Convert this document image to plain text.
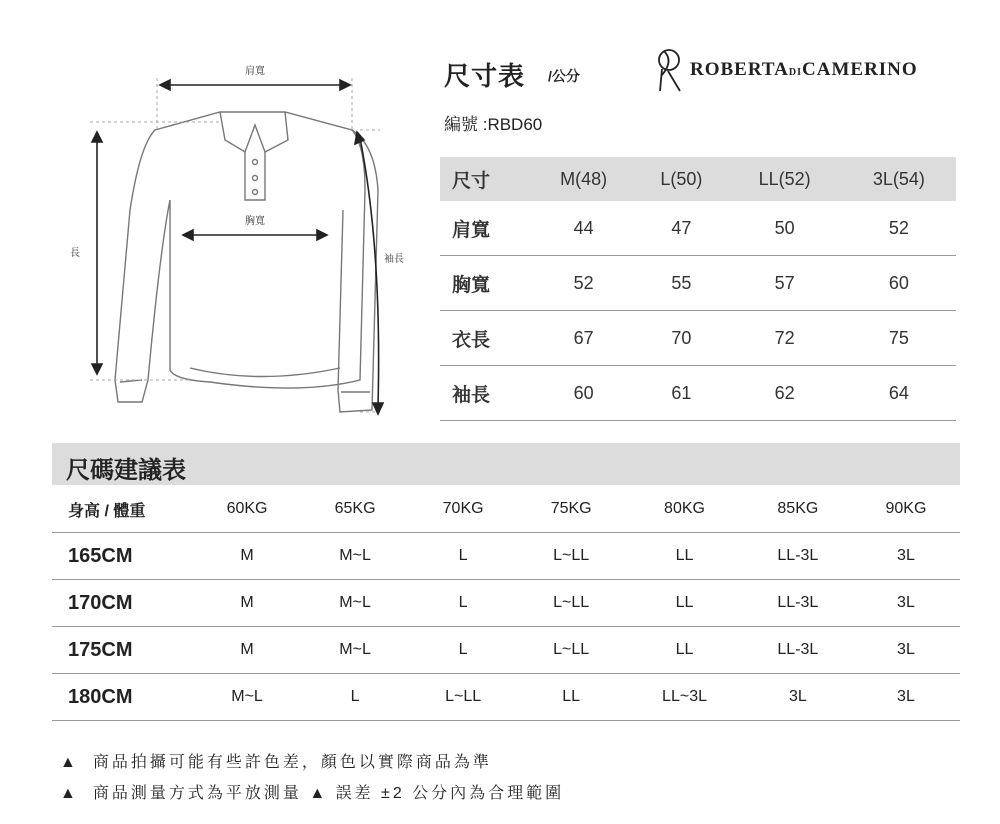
肩寬
胸寬
長
袖長
尺寸表 /公分
編號 :RBD60
ROBERTADICAMERINO
尺寸	M(48)	L(50)	LL(52)	3L(54)
肩寬	44	47	50	52
胸寬	52	55	57	60
衣長	67	70	72	75
袖長	60	61	62	64
尺碼建議表
身高 / 體重	60KG	65KG	70KG	75KG	80KG	85KG	90KG
165CM	M	M~L	L	L~LL	LL	LL-3L	3L
170CM	M	M~L	L	L~LL	LL	LL-3L	3L
175CM	M	M~L	L	L~LL	LL	LL-3L	3L
180CM	M~L	L	L~LL	LL	LL~3L	3L	3L
▲ 商品拍攝可能有些許色差，顏色以實際商品為準
▲ 商品測量方式為平放測量 ▲ 誤差 ±2 公分內為合理範圍
